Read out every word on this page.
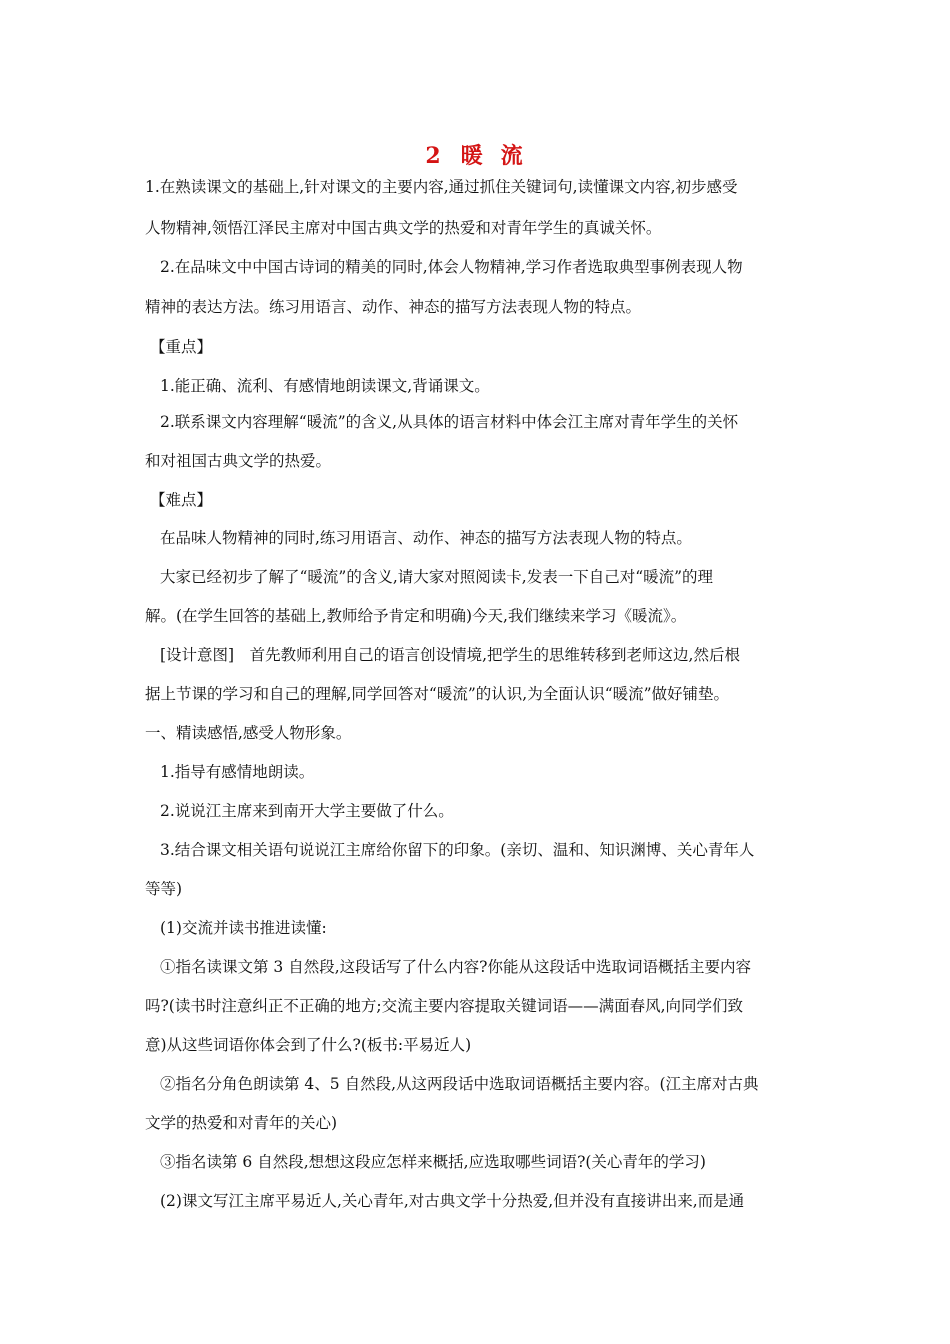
2 暖 流
1.在熟读课文的基础上,针对课文的主要内容,通过抓住关键词句,读懂课文内容,初步感受
人物精神,领悟江泽民主席对中国古典文学的热爱和对青年学生的真诚关怀。
2.在品味文中中国古诗词的精美的同时,体会人物精神,学习作者选取典型事例表现人物
精神的表达方法。练习用语言、动作、神态的描写方法表现人物的特点。
【重点】
1.能正确、流利、有感情地朗读课文,背诵课文。
2.联系课文内容理解“暖流”的含义,从具体的语言材料中体会江主席对青年学生的关怀
和对祖国古典文学的热爱。
【难点】
在品味人物精神的同时,练习用语言、动作、神态的描写方法表现人物的特点。
大家已经初步了解了“暖流”的含义,请大家对照阅读卡,发表一下自己对“暖流”的理
解。(在学生回答的基础上,教师给予肯定和明确)今天,我们继续来学习《暖流》。
[设计意图]　首先教师利用自己的语言创设情境,把学生的思维转移到老师这边,然后根
据上节课的学习和自己的理解,同学回答对“暖流”的认识,为全面认识“暖流”做好铺垫。
一、精读感悟,感受人物形象。
1.指导有感情地朗读。
2.说说江主席来到南开大学主要做了什么。
3.结合课文相关语句说说江主席给你留下的印象。(亲切、温和、知识渊博、关心青年人
等等)
(1)交流并读书推进读懂:
①指名读课文第 3 自然段,这段话写了什么内容?你能从这段话中选取词语概括主要内容
吗?(读书时注意纠正不正确的地方;交流主要内容提取关键词语——满面春风,向同学们致
意)从这些词语你体会到了什么?(板书:平易近人)
②指名分角色朗读第 4、5 自然段,从这两段话中选取词语概括主要内容。(江主席对古典
文学的热爱和对青年的关心)
③指名读第 6 自然段,想想这段应怎样来概括,应选取哪些词语?(关心青年的学习)
(2)课文写江主席平易近人,关心青年,对古典文学十分热爱,但并没有直接讲出来,而是通
